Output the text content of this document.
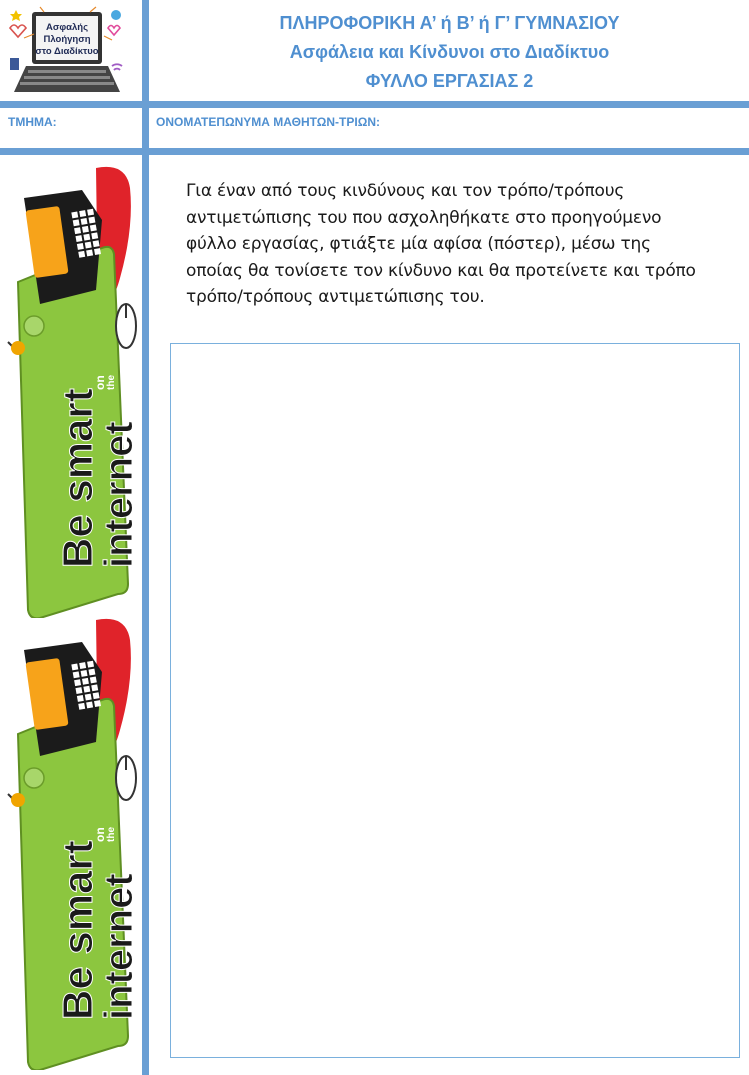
Ασφαλής
Πλοήγηση
στο Διαδίκτυο
ΠΛΗΡΟΦΟΡΙΚΗ Α’ ή Β’ ή Γ’ ΓΥΜΝΑΣΙΟΥ
Ασφάλεια και Κίνδυνοι στο Διαδίκτυο
ΦΥΛΛΟ ΕΡΓΑΣΙΑΣ 2
ΤΜΗΜΑ:	ΟΝΟΜΑΤΕΠΩΝΥΜΑ ΜΑΘΗΤΩΝ-ΤΡΙΩΝ:
Για έναν από τους κινδύνους και τον τρόπο/τρόπους
αντιμετώπισης του που ασχοληθήκατε στο προηγούμενο
φύλλο εργασίας, φτιάξτε μία αφίσα (πόστερ), μέσω της
οποίας θα τονίσετε τον κίνδυνο και θα προτείνετε και τρόπο
τρόπο/τρόπους αντιμετώπισης του.
Be smart
internet
on the
Be smart
internet
on the
